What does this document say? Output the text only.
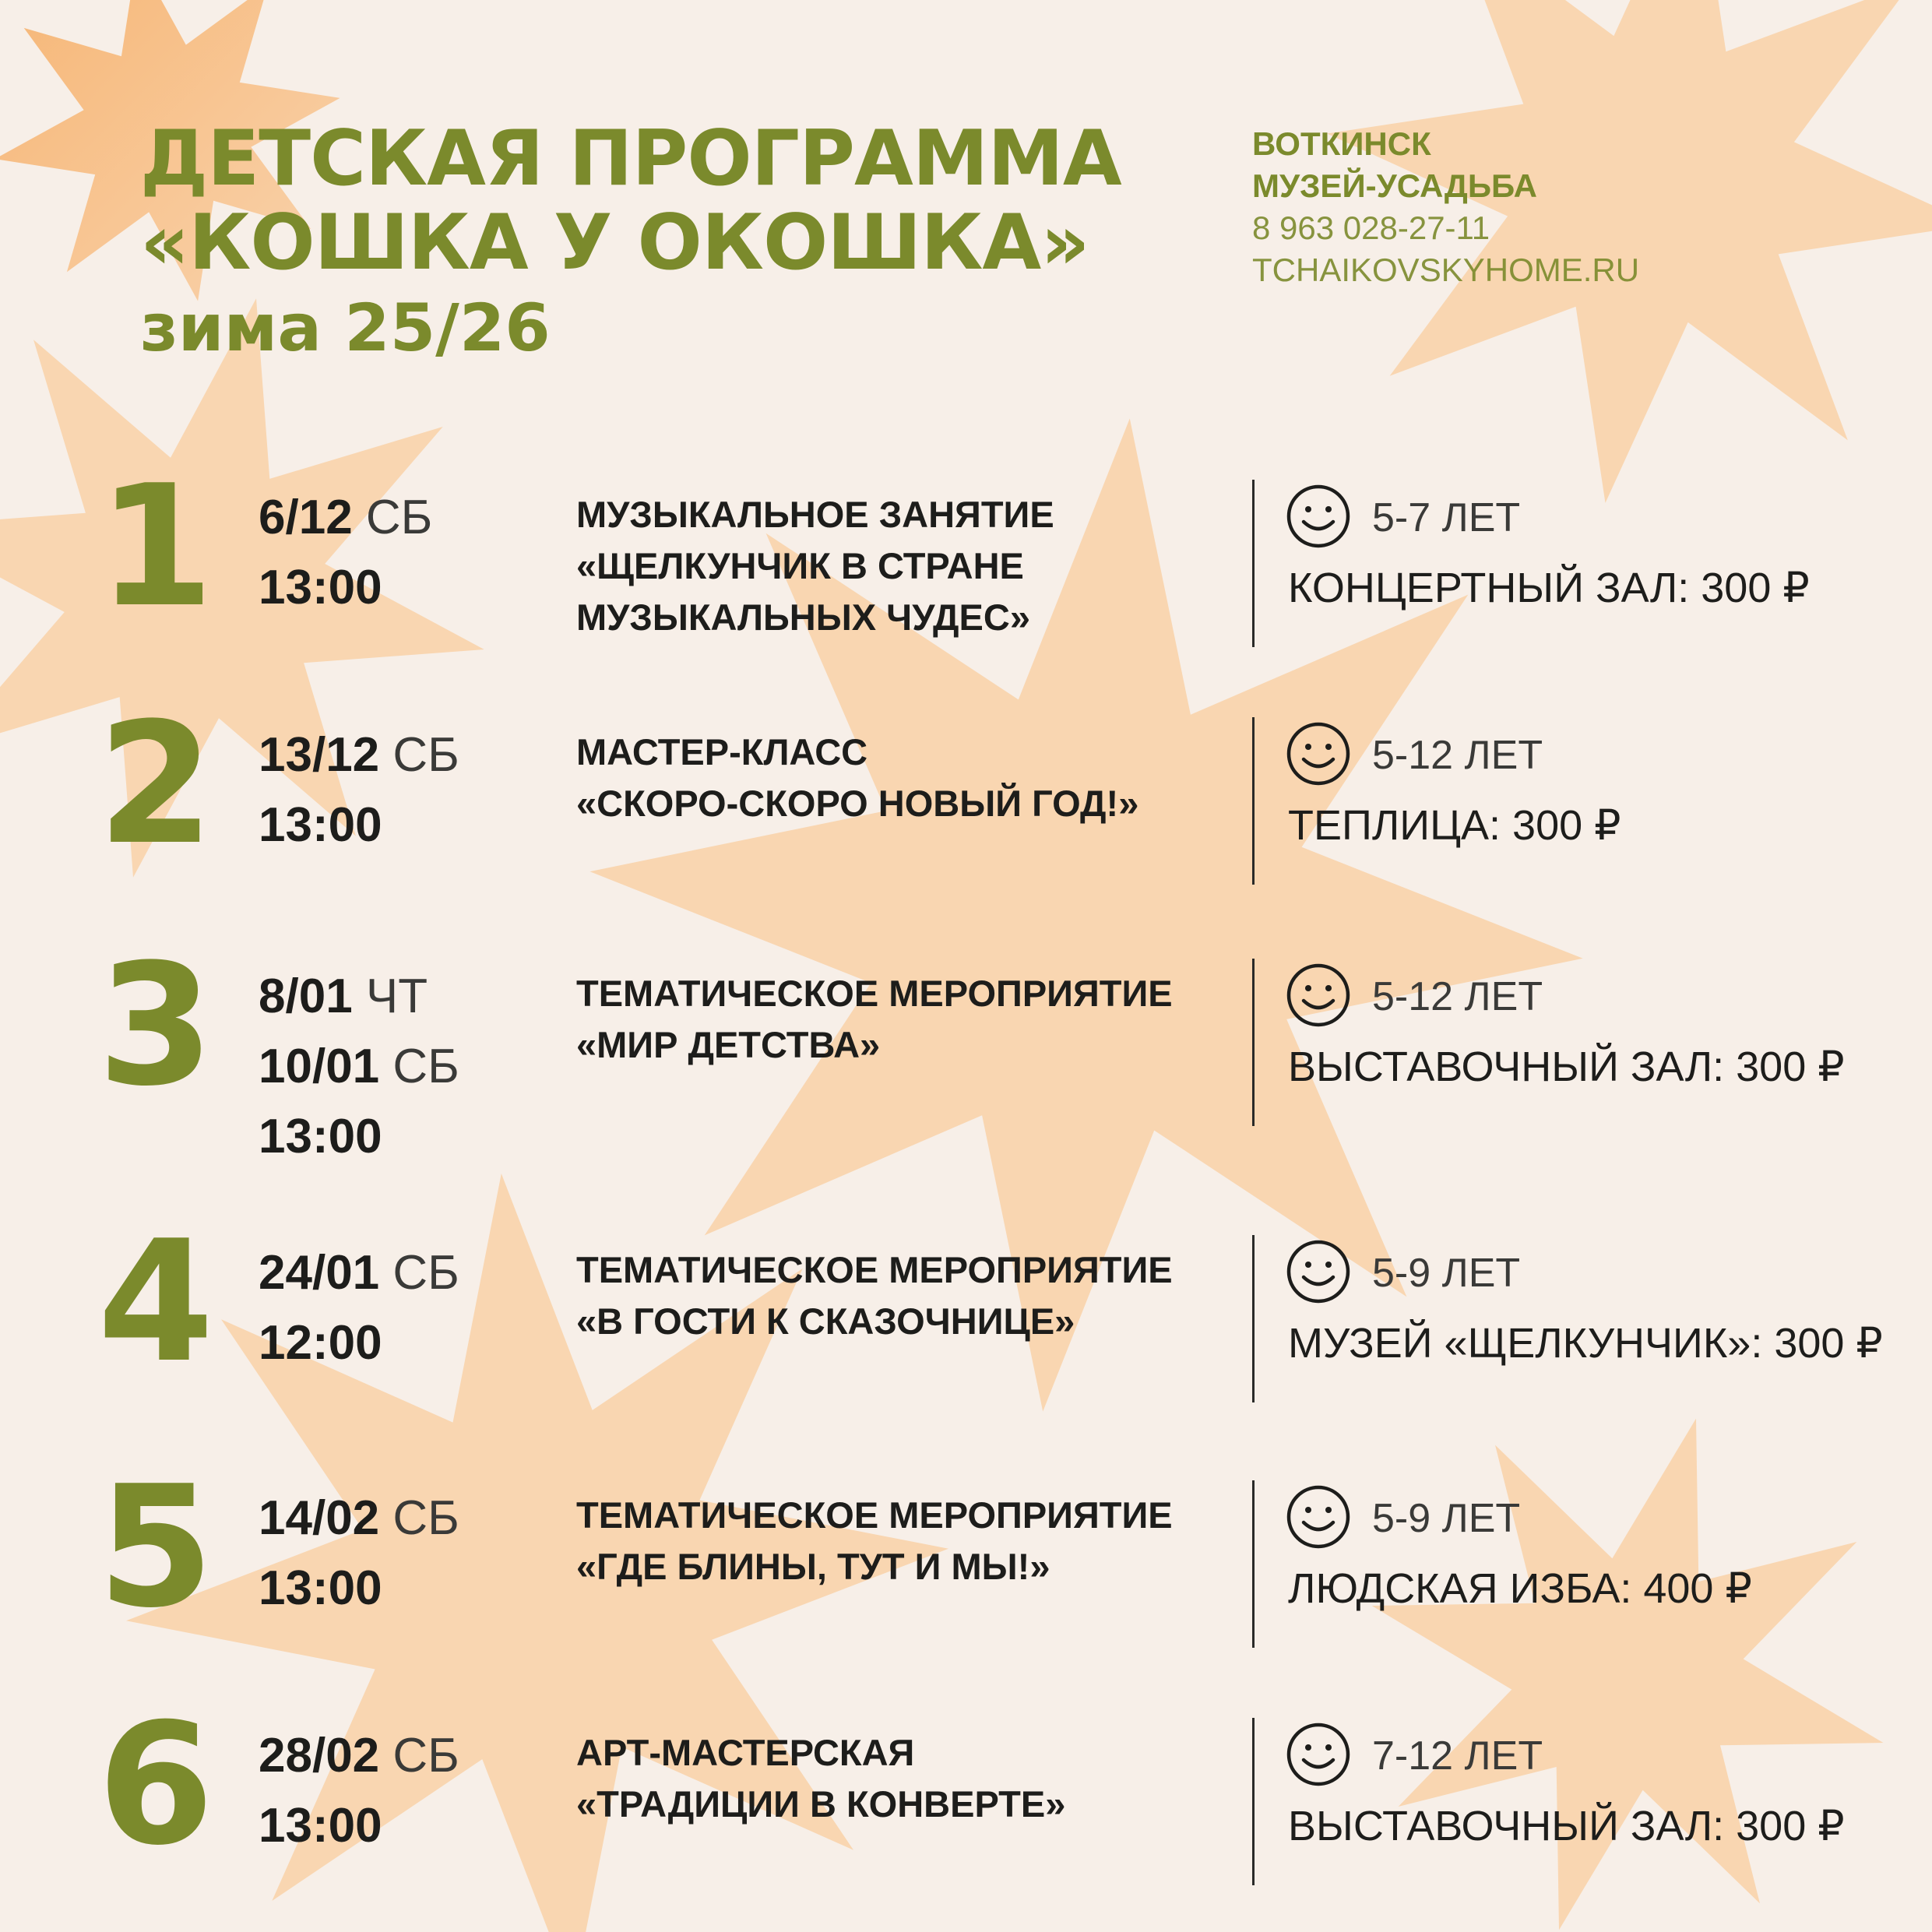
ДЕТСКАЯ ПРОГРАММА
«КОШКА У ОКОШКА»
зима 25/26
ВОТКИНСК
МУЗЕЙ-УСАДЬБА
8 963 028-27-11
TCHAIKOVSKYHOME.RU
1 6/12 СБ
13:00
МУЗЫКАЛЬНОЕ ЗАНЯТИЕ
«ЩЕЛКУНЧИК В СТРАНЕ
МУЗЫКАЛЬНЫХ ЧУДЕС»
5-7 ЛЕТ
КОНЦЕРТНЫЙ ЗАЛ: 300 ₽
2 13/12 СБ
13:00
МАСТЕР-КЛАСС
«СКОРО-СКОРО НОВЫЙ ГОД!»
5-12 ЛЕТ
ТЕПЛИЦА: 300 ₽
3 8/01 ЧТ
10/01 СБ
13:00
ТЕМАТИЧЕСКОЕ МЕРОПРИЯТИЕ
«МИР ДЕТСТВА»
5-12 ЛЕТ
ВЫСТАВОЧНЫЙ ЗАЛ: 300 ₽
4 24/01 СБ
12:00
ТЕМАТИЧЕСКОЕ МЕРОПРИЯТИЕ
«В ГОСТИ К СКАЗОЧНИЦЕ»
5-9 ЛЕТ
МУЗЕЙ «ЩЕЛКУНЧИК»: 300 ₽
5 14/02 СБ
13:00
ТЕМАТИЧЕСКОЕ МЕРОПРИЯТИЕ
«ГДЕ БЛИНЫ, ТУТ И МЫ!»
5-9 ЛЕТ
ЛЮДСКАЯ ИЗБА: 400 ₽
6 28/02 СБ
13:00
АРТ-МАСТЕРСКАЯ
«ТРАДИЦИИ В КОНВЕРТЕ»
7-12 ЛЕТ
ВЫСТАВОЧНЫЙ ЗАЛ: 300 ₽
